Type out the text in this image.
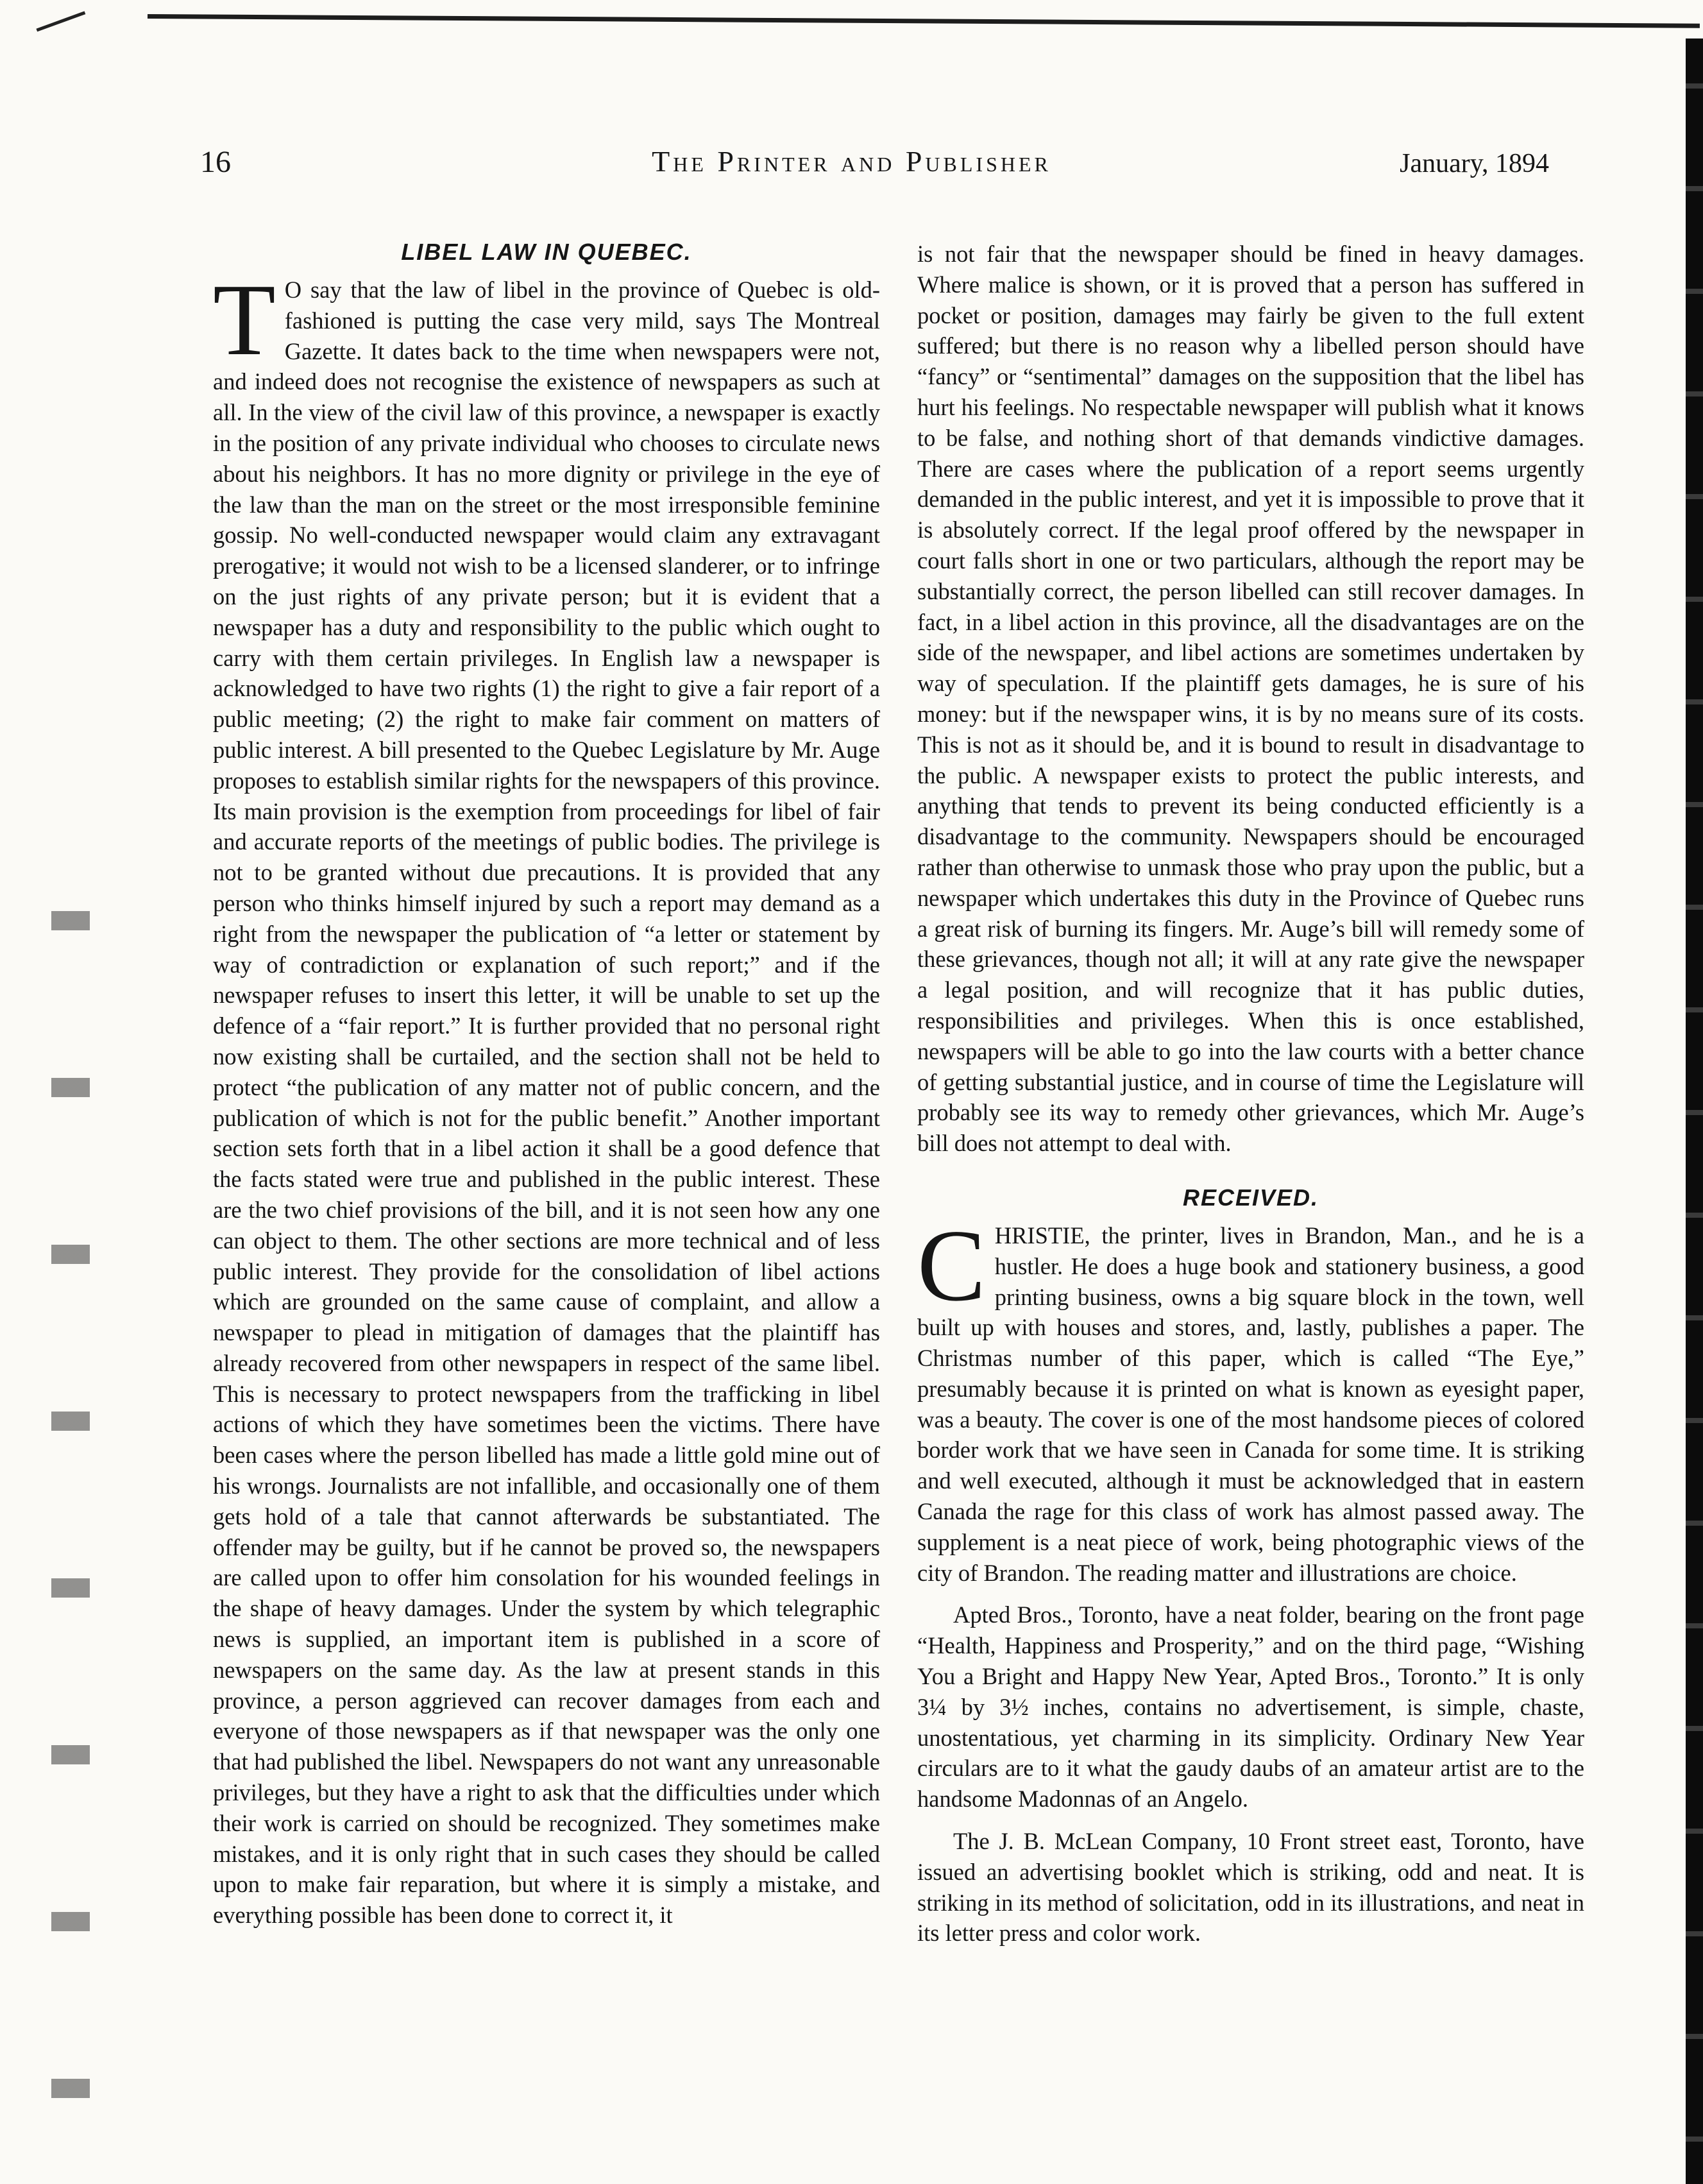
16	The Printer and Publisher	January, 1894
LIBEL LAW IN QUEBEC.

T O say that the law of libel in the province of Quebec is old-fashioned is putting the case very mild, says The Montreal Gazette. It dates back to the time when newspapers were not, and indeed does not recognise the existence of newspapers as such at all. In the view of the civil law of this province, a newspaper is exactly in the position of any private individual who chooses to circulate news about his neighbors. It has no more dignity or privilege in the eye of the law than the man on the street or the most irresponsible feminine gossip. No well-conducted newspaper would claim any extravagant prerogative; it would not wish to be a licensed slanderer, or to infringe on the just rights of any private person; but it is evident that a newspaper has a duty and responsibility to the public which ought to carry with them certain privileges. In English law a newspaper is acknowledged to have two rights (1) the right to give a fair report of a public meeting; (2) the right to make fair comment on matters of public interest. A bill presented to the Quebec Legislature by Mr. Auge proposes to establish similar rights for the newspapers of this province. Its main provision is the exemption from proceedings for libel of fair and accurate reports of the meetings of public bodies. The privilege is not to be granted without due precautions. It is provided that any person who thinks himself injured by such a report may demand as a right from the newspaper the publication of “a letter or statement by way of contradiction or explanation of such report;” and if the newspaper refuses to insert this letter, it will be unable to set up the defence of a “fair report.” It is further provided that no personal right now existing shall be curtailed, and the section shall not be held to protect “the publication of any matter not of public concern, and the publication of which is not for the public benefit.” Another important section sets forth that in a libel action it shall be a good defence that the facts stated were true and published in the public interest. These are the two chief provisions of the bill, and it is not seen how any one can object to them. The other sections are more technical and of less public interest. They provide for the consolidation of libel actions which are grounded on the same cause of complaint, and allow a newspaper to plead in mitigation of damages that the plaintiff has already recovered from other newspapers in respect of the same libel. This is necessary to protect newspapers from the trafficking in libel actions of which they have sometimes been the victims. There have been cases where the person libelled has made a little gold mine out of his wrongs. Journalists are not infallible, and occasionally one of them gets hold of a tale that cannot afterwards be substantiated. The offender may be guilty, but if he cannot be proved so, the newspapers are called upon to offer him consolation for his wounded feelings in the shape of heavy damages. Under the system by which telegraphic news is supplied, an important item is published in a score of newspapers on the same day. As the law at present stands in this province, a person aggrieved can recover damages from each and everyone of those newspapers as if that newspaper was the only one that had published the libel. Newspapers do not want any unreasonable privileges, but they have a right to ask that the difficulties under which their work is carried on should be recognized. They sometimes make mistakes, and it is only right that in such cases they should be called upon to make fair reparation, but where it is simply a mistake, and everything possible has been done to correct it, it

is not fair that the newspaper should be fined in heavy damages. Where malice is shown, or it is proved that a person has suffered in pocket or position, damages may fairly be given to the full extent suffered; but there is no reason why a libelled person should have “fancy” or “sentimental” damages on the supposition that the libel has hurt his feelings. No respectable newspaper will publish what it knows to be false, and nothing short of that demands vindictive damages. There are cases where the publication of a report seems urgently demanded in the public interest, and yet it is impossible to prove that it is absolutely correct. If the legal proof offered by the newspaper in court falls short in one or two particulars, although the report may be substantially correct, the person libelled can still recover damages. In fact, in a libel action in this province, all the disadvantages are on the side of the newspaper, and libel actions are sometimes undertaken by way of speculation. If the plaintiff gets damages, he is sure of his money: but if the newspaper wins, it is by no means sure of its costs. This is not as it should be, and it is bound to result in disadvantage to the public. A newspaper exists to protect the public interests, and anything that tends to prevent its being conducted efficiently is a disadvantage to the community. Newspapers should be encouraged rather than otherwise to unmask those who pray upon the public, but a newspaper which undertakes this duty in the Province of Quebec runs a great risk of burning its fingers. Mr. Auge’s bill will remedy some of these grievances, though not all; it will at any rate give the newspaper a legal position, and will recognize that it has public duties, responsibilities and privileges. When this is once established, newspapers will be able to go into the law courts with a better chance of getting substantial justice, and in course of time the Legislature will probably see its way to remedy other grievances, which Mr. Auge’s bill does not attempt to deal with.

RECEIVED.

CHRISTIE, the printer, lives in Brandon, Man., and he is a hustler. He does a huge book and stationery business, a good printing business, owns a big square block in the town, well built up with houses and stores, and, lastly, publishes a paper. The Christmas number of this paper, which is called “The Eye,” presumably because it is printed on what is known as eyesight paper, was a beauty. The cover is one of the most handsome pieces of colored border work that we have seen in Canada for some time. It is striking and well executed, although it must be acknowledged that in eastern Canada the rage for this class of work has almost passed away. The supplement is a neat piece of work, being photographic views of the city of Brandon. The reading matter and illustrations are choice.

Apted Bros., Toronto, have a neat folder, bearing on the front page “Health, Happiness and Prosperity,” and on the third page, “Wishing You a Bright and Happy New Year, Apted Bros., Toronto.” It is only 3¼ by 3½ inches, contains no advertisement, is simple, chaste, unostentatious, yet charming in its simplicity. Ordinary New Year circulars are to it what the gaudy daubs of an amateur artist are to the handsome Madonnas of an Angelo.

The J. B. McLean Company, 10 Front street east, Toronto, have issued an advertising booklet which is striking, odd and neat. It is striking in its method of solicitation, odd in its illustrations, and neat in its letter press and color work.
